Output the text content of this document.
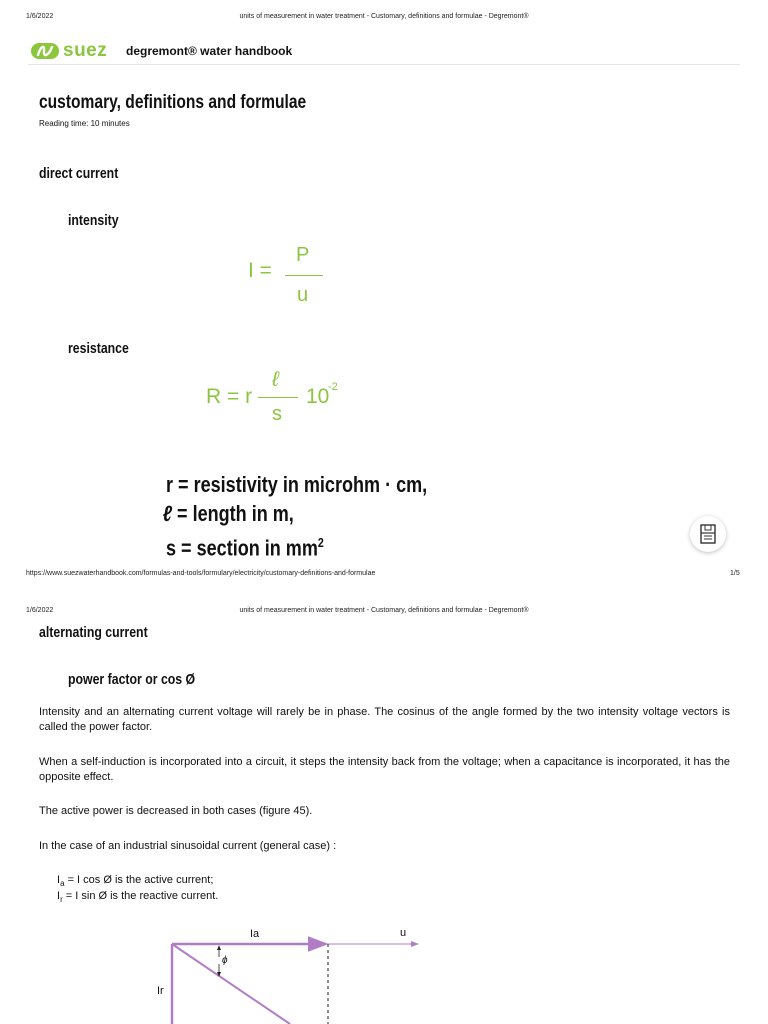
1/6/2022	units of measurement in water treatment - Customary, definitions and formulae - Degremont®
suez degremont® water handbook
customary, definitions and formulae
Reading time: 10 minutes
direct current
intensity
I =
P
u
resistance
R = r
ℓ
s
10
-2
r = resistivity in microhm · cm,
ℓ = length in m,
s = section in $mm^2$
https://www.suezwaterhandbook.com/formulas-and-tools/formulary/electricity/customary-definitions-and-formulae	1/5
1/6/2022	units of measurement in water treatment - Customary, definitions and formulae - Degremont®
alternating current
power factor or cos Ø
Intensity and an alternating current voltage will rarely be in phase. The cosinus of the angle formed by the two intensity voltage vectors is called the power factor.
When a self-induction is incorporated into a circuit, it steps the intensity back from the voltage; when a capacitance is incorporated, it has the opposite effect.
The active power is decreased in both cases (figure 45).
In the case of an industrial sinusoidal current (general case) :
$I_a = I$ cos Ø is the active current;
$I_r = I$ sin Ø is the reactive current.
Ia	u
Ir
ϕ
